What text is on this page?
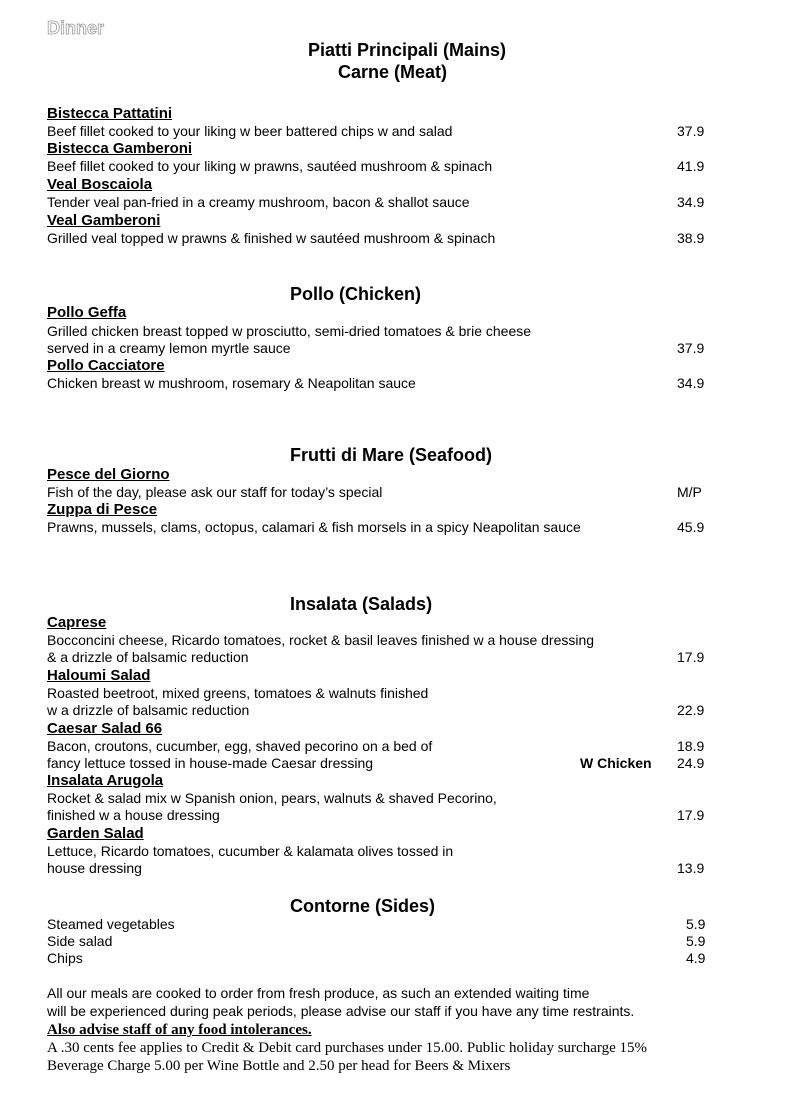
Dinner
Piatti Principali (Mains)
Carne (Meat)
Bistecca Pattatini
Beef fillet cooked to your liking w beer battered chips w and salad	37.9
Bistecca Gamberoni
Beef fillet cooked to your liking w prawns, sautéed mushroom & spinach	41.9
Veal Boscaiola
Tender veal pan-fried in a creamy mushroom, bacon & shallot sauce	34.9
Veal Gamberoni
Grilled veal topped w prawns & finished w sautéed mushroom & spinach	38.9
Pollo (Chicken)
Pollo Geffa
Grilled chicken breast topped w prosciutto, semi-dried tomatoes & brie cheese
served in a creamy lemon myrtle sauce	37.9
Pollo Cacciatore
Chicken breast w mushroom, rosemary & Neapolitan sauce	34.9
Frutti di Mare (Seafood)
Pesce del Giorno
Fish of the day, please ask our staff for today’s special	M/P
Zuppa di Pesce
Prawns, mussels, clams, octopus, calamari & fish morsels in a spicy Neapolitan sauce	45.9
Insalata (Salads)
Caprese
Bocconcini cheese, Ricardo tomatoes, rocket & basil leaves finished w a house dressing
& a drizzle of balsamic reduction	17.9
Haloumi Salad
Roasted beetroot, mixed greens, tomatoes & walnuts finished
w a drizzle of balsamic reduction	22.9
Caesar Salad 66
Bacon, croutons, cucumber, egg, shaved pecorino on a bed of	18.9
fancy lettuce tossed in house-made Caesar dressing	W Chicken 24.9
Insalata Arugola
Rocket & salad mix w Spanish onion, pears, walnuts & shaved Pecorino,
finished w a house dressing	17.9
Garden Salad
Lettuce, Ricardo tomatoes, cucumber & kalamata olives tossed in
house dressing	13.9
Contorne (Sides)
Steamed vegetables	5.9
Side salad	5.9
Chips	4.9
All our meals are cooked to order from fresh produce, as such an extended waiting time
will be experienced during peak periods, please advise our staff if you have any time restraints.
Also advise staff of any food intolerances.
A .30 cents fee applies to Credit & Debit card purchases under 15.00. Public holiday surcharge 15%
Beverage Charge 5.00 per Wine Bottle and 2.50 per head for Beers & Mixers
